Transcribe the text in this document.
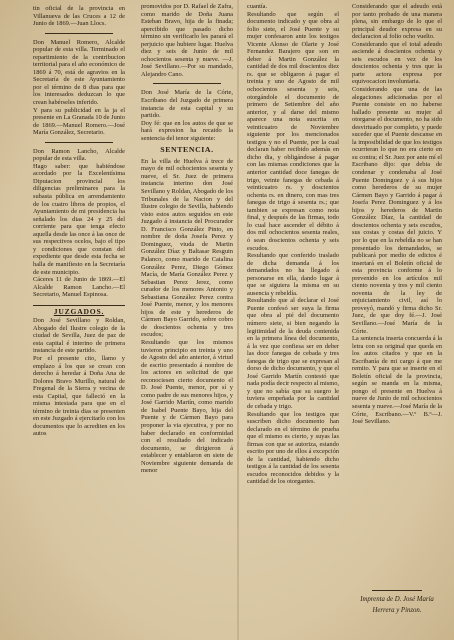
tin oficial de la provincia en Villanueva de las Cruces a 12 de Junio de 1869.—Juan Llocs.

Don Manuel Romero, Alcalde popular de esta villa. Terminado el repartimiento de la contribucion territorial para el año económico de 1869 á 70, está de agravios en la Secretaría de este Ayuntamiento por el término de 8 dias para que los interesados deduzcan lo que crean habérseles inferido.

Y para su publicidad en la ja el presente en La Granada 10 de Junio de 1869.—Manuel Romero.—José María González, Secretario.

Don Ramon Lancho, Alcalde popular de esta villa.

Hago saber: que habiéndose acordado por la Excelentísima Diputacion provincial los diligencias preliminares para la subasta pública en arrendamiento de los cuatro libros de propios, el Ayuntamiento de mi presidencia ha señalado los dias 24 y 25 del corriente para que tenga efecto aquella desde las once á las once de sus respectivos ocelos, bajo el tipo y condiciones que constan del expediente que desde esta fecha se halla de manifiesto en la Secretaría de este municipio.

Cáceres 11 de Junio de 1869.—El Alcalde Ramon Lancho.—El Secretario, Manuel Espinosa.

JUZGADOS.

Don José Sevillano y Roldan, Abogado del Ilustre colegio de la ciudad de Sevilla, Juez de paz de esta capital é interino de primera instancia de este partido.

Por el presente cito, llamo y emplazo á los que se crean con derecho á heredar á Doña Ana de Dolores Bravo Murillo, natural de Fregenal de la Sierra y vecina de esta Capital, que falleció en la misma intestada para que en el término de treinta dias se presenten en este Juzgado á ejercitarlo con los documentos que lo acrediten en los autos

promovidos por D. Rafael de Zafra, como marido de Doña Juana Esteban Bravo, hija de la finada; apercibido que pasado dicho término sin verificarlo les parará el perjuicio que hubiere lugar. Huelva diez y seis de Junio de mil ochocientos sesenta y nueve. —J. José Sevillano.—Por su mandado, Alejandro Cano.

Don José María de la Córte, Escribano del Juzgado de primera instancia de esta capital y su partido.

Doy fé: que en los autos de que se hará expresion ha recaido la sentencia del tenor siguiente:

SENTENCIA.

En la villa de Huelva á trece de mayo de mil ochocientos sesenta y nueve, el Sr. Juez de primera instancia interino don José Sevillano y Roldan, Abogado de los Tribunales de la Nacion y del Ilustre colegio de Sevilla, habiendo visto estos autos seguidos en este Juzgado á instancia del Procurador D. Francisco González Pinto, en nombre de doña Josefa Perez y Dominguez, viuda de Martin González Díaz y Baltasar Resguin Palanco, como marido de Catalina González Perez, Diego Gómez Macía, de María González Perez y Sebastian Perez Jerez, como curador de los menores Antonio y Sebastiana González Perez contra José Puente, menor, y los menores hijos de este y herederos de Cármen Bayo Garrido, sobre cobro de doscientos ochenta y tres escudos;

Resultando que los mismos tuvieron principio en treinta y uno de Agosto del año anterior, á virtud de escrito presentado á nombre de los actores en solicitud de que reconociesen cierto documento el D. José Puente, menor, por sí y como padre de sus menores hijos, y José Garrido Martín, como marido de Isabel Puente Bayo, hija del Puente y de Cármen Bayo para proponer la via ejecutiva, y por no haber declarado en conformidad con el resultado del indicado documento, se dirigieron á establecer y entablaron en siete de Noviembre siguiente demanda de menor

cuantía.

Resultando que según el documento indicado y que obra al folio siete, el José Puente y su mujer confesaron ante los testigos Vicente Alonso de Olarte y José Fernandez Barajero que son en deber á Martin González la cantidad de dos mil doscientos diez rs. que se obligaron á pagar el treinta y uno de Agosto de mil ochocientos sesenta y seis, otorgándole el documento de primero de Setiembre del año anterior, y al darse del mismo aparece una nota suscrita en veinticuatro de Noviembre siguiente por los mencionados testigos y no el Puente, por la cual declaran haber recibido además en dicho dia, y obligándose á pagar con las mismas condiciones que la anterior cantidad doce fanegas de trigo, veinte fanegas de cebada á veinticuatro rs. y doscientos ochenta rs. en dinero, con mas tres fanegas de trigo á sesenta rs.; que tambien se expresan como nota final, y después de las firmas, todo lo cual hace ascender el débito á dos mil ochocientos sesenta reales, ó sean doscientos ochenta y seis escudos.

Resultando que conferido traslado de dicha demanda á los demandados no ha llegado á personarse en ella, dando lugar á que se siguiera la misma en su ausencia y rebeldía.

Resultando que al declarar el José Puente confesó ser suya la firma que obra al pié del documento número siete, si bien negando la legitimidad de la deuda contenida en la primera línea del documento, á la vez que confiesa ser en deber las doce fanegas de cebada y tres fanegas de trigo que se expresan al dorso de dicho documento, y que el José Garrido Martín contestó que nada podía decir respecto al mismo, y que no sabía que su suegro le tuviera empeñada por la cantidad de cebada y trigo.

Resultando que los testigos que suscriben dicho documento han declarado en el término de prueba que el mismo es cierto, y suyas las firmas con que se autoriza, estando escrito por uno de ellos á excepción de la cantidad, habiendo dicho testigos á la cantidad de los sesenta escudos reconocidos debidos y la cantidad de los otorgantes.

Considerando que el adeudo está por tanto probado de una manera plena, sin embargo de lo que el principal deudor expresa en su declaracion al folio ocho vuelto.

Considerando que el total adeudo asciende á doscientos ochenta y seis escudos en vez de los doscientos ochenta y tres que la parte actora expresa por equivocacion involuntaria.

Considerando que una de las alegaciones adicionadas por el Puente consiste en no haberse hallado presente su mujer al otorgarse el documento, no ha sido desvirtuado por completo, y puede suceder que el Puente descanse en la imposibilidad de que los testigos ocurrieran lo que no era cierto en su contra; el Sr. Juez por ante mí el Escribano dijo: que debia de condenar y condenaba al José Puente Dominguez y á sus hijos como herederos de su mujer Cármen Bayo y Garrido á pagar á Josefa Perez Dominguez y á los hijos y herederos de Martin González Díaz, la cantidad de doscientos ochenta y seis escudos, sus costas y costas del juicio. Y por lo que en la rebeldía no se han presentado los demandados, se publicará por medio de edictos é insertará en el Boletín oficial de esta provincia conforme á lo prevenido en los artículos mil ciento noventa y tres y mil ciento noventa de la ley de enjuiciamiento civil, así lo proveyó, mandó y firma dicho Sr. Juez, de que doy fé.—J. José Sevillano.—José María de la Córte.

La sentencia inserta concuerda á la letra con su original que queda en los autos citados y que en la Escribanía de mi cargo á que me remito. Y para que se inserte en el Boletín oficial de la provincia, según se manda en la misma, pongo el presente en Huelva á nueve de Junio de mil ochocientos sesenta y nueve.—José María de la Córte, Escribano.—V.º B.º—J. José Sevillano.

Imprenta de D. José María
Herrera y Pinzon.
